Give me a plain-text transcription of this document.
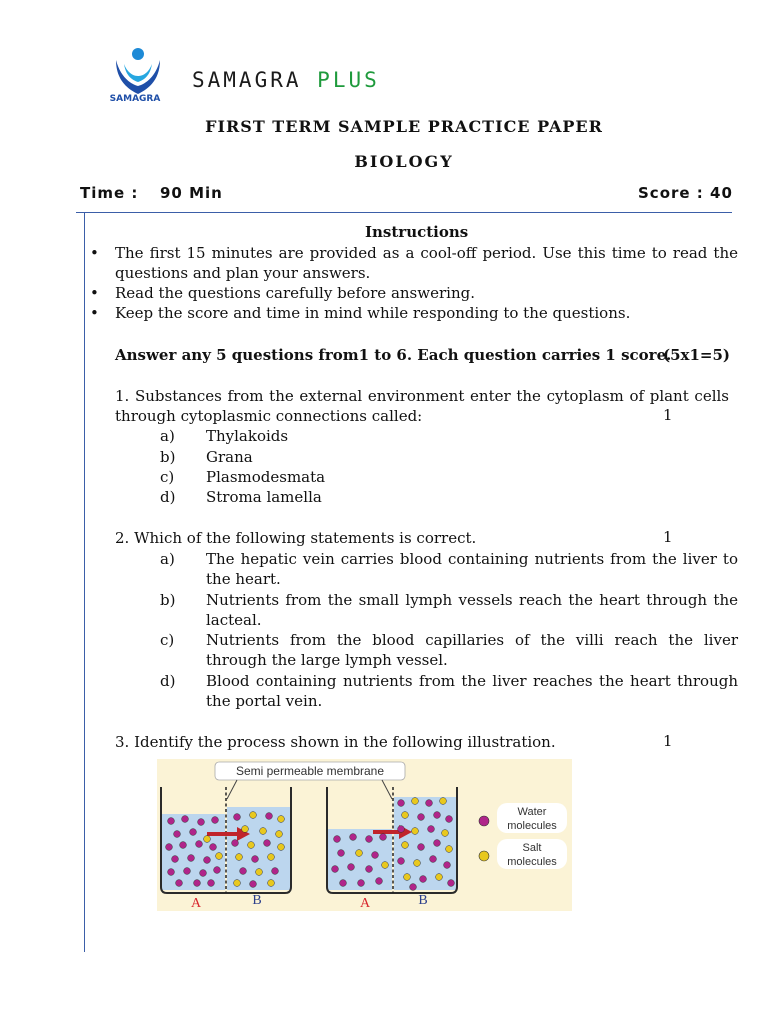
SAMAGRA
SAMAGRA PLUS
FIRST TERM SAMPLE PRACTICE PAPER
BIOLOGY
Time : 90 Min	Score : 40
Instructions
• The first 15 minutes are provided as a cool-off period. Use this time to read the questions and plan your answers.
• Read the questions carefully before answering.
• Keep the score and time in mind while responding to the questions.
Answer any 5 questions from1 to 6. Each question carries 1 score.
(5x1=5)
1. Substances from the external environment enter the cytoplasm of plant cells through cytoplasmic connections called:	1
a) Thylakoids
b) Grana
c) Plasmodesmata
d) Stroma lamella
2. Which of the following statements is correct.	1
a) The hepatic vein carries blood containing nutrients from the liver to the heart.
b) Nutrients from the small lymph vessels reach the heart through the lacteal.
c) Nutrients from the blood capillaries of the villi reach the liver through the large lymph vessel.
d) Blood containing nutrients from the liver reaches the heart through the portal vein.
3. Identify the process shown in the following illustration.	1
Semi permeable membrane
Water
molecules
Salt
molecules
A	B	A	B
